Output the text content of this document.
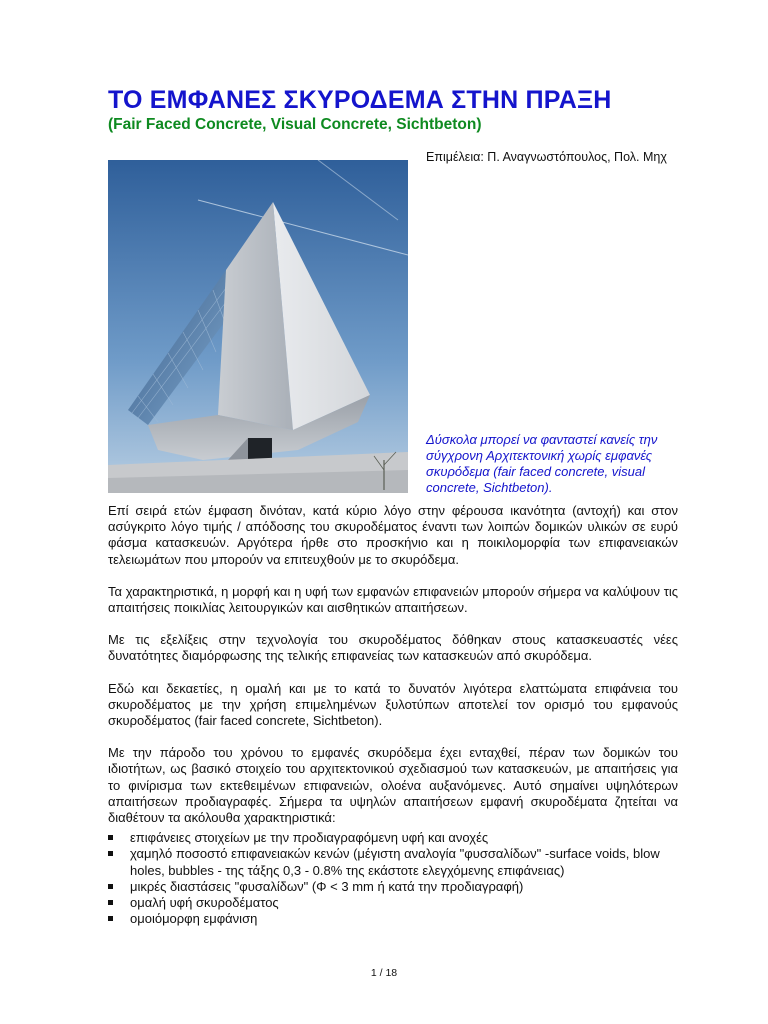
ΤΟ ΕΜΦΑΝΕΣ ΣΚΥΡΟΔΕΜΑ ΣΤΗΝ ΠΡΑΞΗ
(Fair Faced Concrete, Visual Concrete, Sichtbeton)
Επιμέλεια: Π. Αναγνωστόπουλος, Πολ. Μηχ
Δύσκολα μπορεί να φανταστεί κανείς την σύγχρονη Αρχιτεκτονική χωρίς εμφανές σκυρόδεμα (fair faced concrete, visual concrete, Sichtbeton).

Επί σειρά ετών έμφαση δινόταν, κατά κύριο λόγο στην φέρουσα ικανότητα (αντοχή) και στον ασύγκριτο λόγο τιμής / απόδοσης του σκυροδέματος έναντι των λοιπών δομικών υλικών σε ευρύ φάσμα κατασκευών. Αργότερα ήρθε στο προσκήνιο και η ποικιλομορφία των επιφανειακών τελειωμάτων που μπορούν να επιτευχθούν με το σκυρόδεμα.

Τα χαρακτηριστικά, η μορφή και η υφή των εμφανών επιφανειών μπορούν σήμερα να καλύψουν τις απαιτήσεις ποικιλίας λειτουργικών και αισθητικών απαιτήσεων.

Με τις εξελίξεις στην τεχνολογία του σκυροδέματος δόθηκαν στους κατασκευαστές νέες δυνατότητες διαμόρφωσης της τελικής επιφανείας των κατασκευών από σκυρόδεμα.

Εδώ και δεκαετίες, η ομαλή και με το κατά το δυνατόν λιγότερα ελαττώματα επιφάνεια του σκυροδέματος με την χρήση επιμελημένων ξυλοτύπων αποτελεί τον ορισμό του εμφανούς σκυροδέματος (fair faced concrete, Sichtbeton).

Με την πάροδο του χρόνου το εμφανές σκυρόδεμα έχει ενταχθεί, πέραν των δομικών του ιδιοτήτων, ως βασικό στοιχείο του αρχιτεκτονικού σχεδιασμού των κατασκευών, με απαιτήσεις για το φινίρισμα των εκτεθειμένων επιφανειών, ολοένα αυξανόμενες. Αυτό σημαίνει υψηλότερων απαιτήσεων προδιαγραφές. Σήμερα τα υψηλών απαιτήσεων εμφανή σκυροδέματα ζητείται να διαθέτουν τα ακόλουθα χαρακτηριστικά:

επιφάνειες στοιχείων με την προδιαγραφόμενη υφή και ανοχές
χαμηλό ποσοστό επιφανειακών κενών (μέγιστη αναλογία "φυσσαλίδων" -surface voids, blow holes, bubbles - της τάξης 0,3 - 0.8% της εκάστοτε ελεγχόμενης επιφάνειας)
μικρές διαστάσεις "φυσαλίδων" (Φ < 3 mm ή κατά την προδιαγραφή)
ομαλή υφή σκυροδέματος
ομοιόμορφη εμφάνιση
1 / 18
